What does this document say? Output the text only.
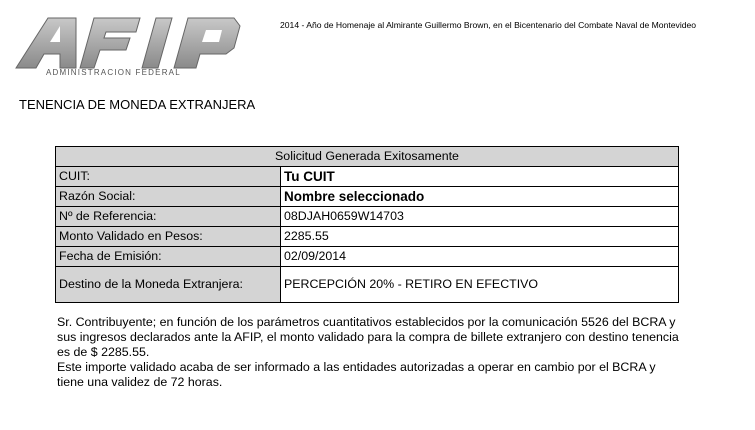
ADMINISTRACION FEDERAL
2014 - Año de Homenaje al Almirante Guillermo Brown, en el Bicentenario del Combate Naval de Montevideo
TENENCIA DE MONEDA EXTRANJERA
Solicitud Generada Exitosamente	
CUIT:	Tu CUIT
Razón Social:	Nombre seleccionado
Nº de Referencia:	08DJAH0659W14703
Monto Validado en Pesos:	2285.55
Fecha de Emisión:	02/09/2014
Destino de la Moneda Extranjera:	PERCEPCIÓN 20% - RETIRO EN EFECTIVO

Sr. Contribuyente; en función de los parámetros cuantitativos establecidos por la comunicación 5526 del BCRA y sus ingresos declarados ante la AFIP, el monto validado para la compra de billete extranjero con destino tenencia es de $ 2285.55.

Este importe validado acaba de ser informado a las entidades autorizadas a operar en cambio por el BCRA y tiene una validez de 72 horas.
